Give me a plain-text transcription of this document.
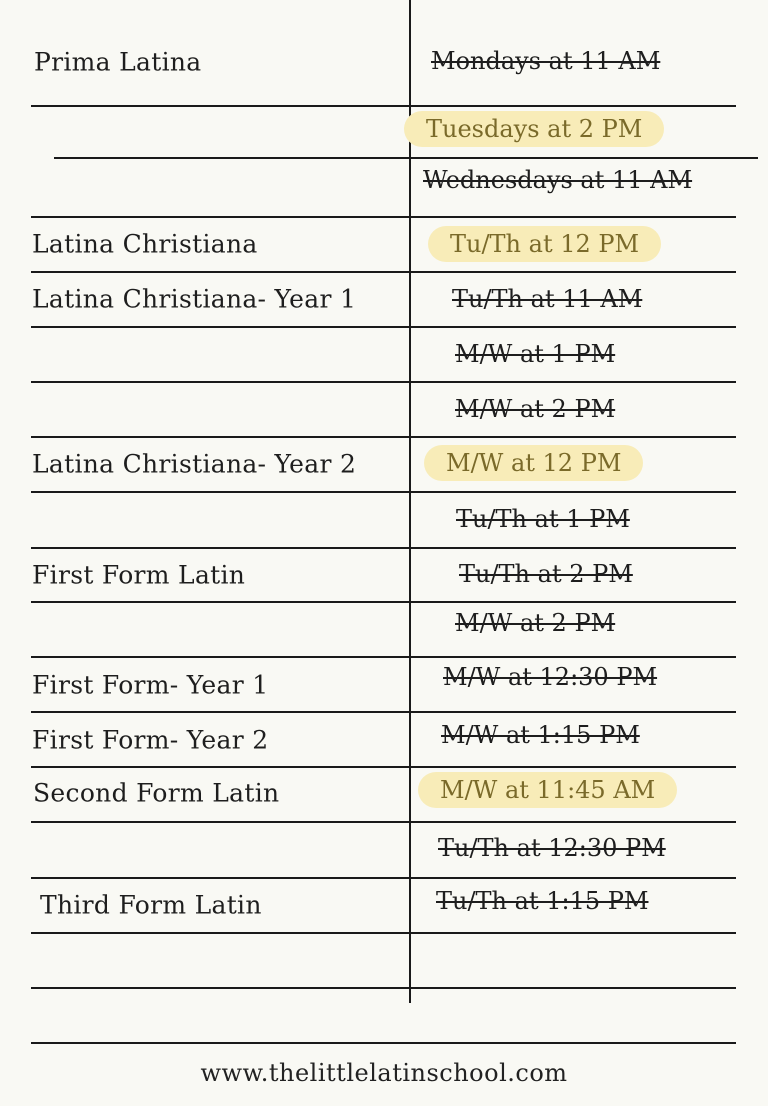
Prima Latina
Latina Christiana
Latina Christiana- Year 1
Latina Christiana- Year 2
First Form Latin
First Form- Year 1
First Form- Year 2
Second Form Latin
Third Form Latin
Mondays at 11 AM
Tuesdays at 2 PM
Wednesdays at 11 AM
Tu/Th at 12 PM
Tu/Th at 11 AM
M/W at 1 PM
M/W at 2 PM
M/W at 12 PM
Tu/Th at 1 PM
Tu/Th at 2 PM
M/W at 2 PM
M/W at 12:30 PM
M/W at 1:15 PM
M/W at 11:45 AM
Tu/Th at 12:30 PM
Tu/Th at 1:15 PM
www.thelittlelatinschool.com
